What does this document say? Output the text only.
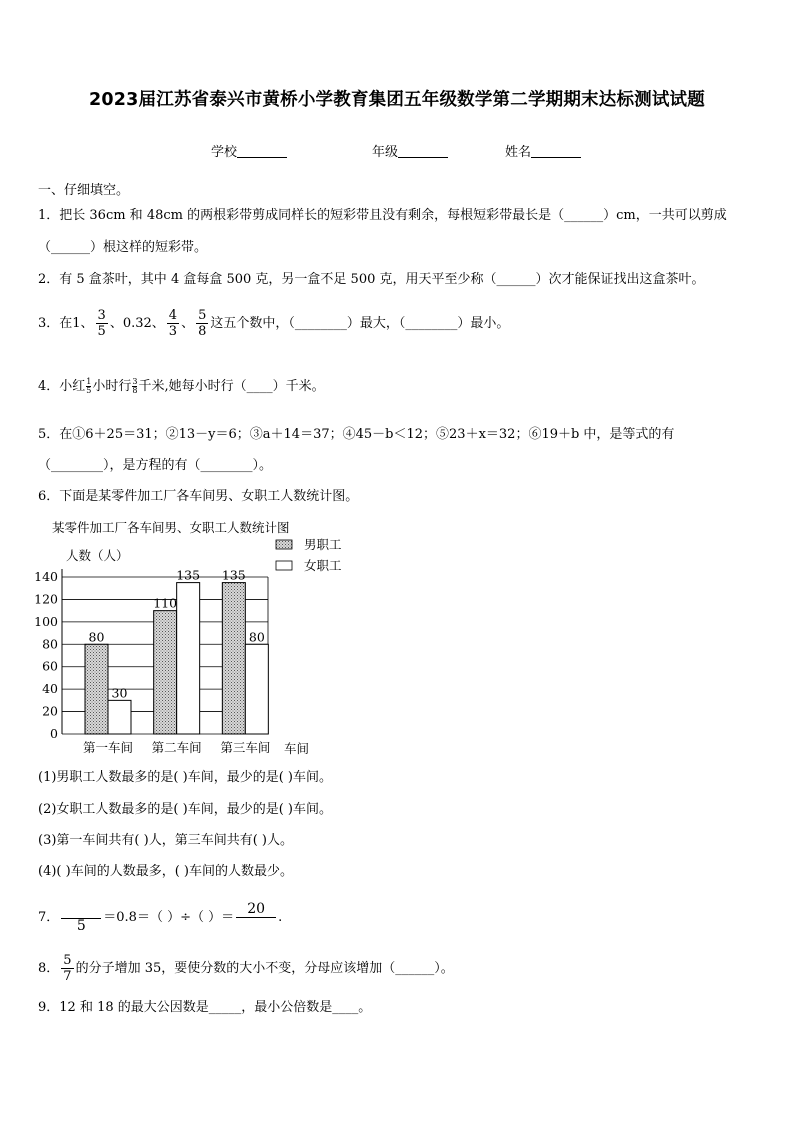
2023届江苏省泰兴市黄桥小学教育集团五年级数学第二学期期末达标测试试题
学校	年级	姓名
一、仔细填空。
1．把长 36cm 和 48cm 的两根彩带剪成同样长的短彩带且没有剩余，每根短彩带最长是（______）cm，一共可以剪成
（______）根这样的短彩带。
2．有 5 盒茶叶，其中 4 盒每盒 500 克，另一盒不足 500 克，用天平至少称（______）次才能保证找出这盒茶叶。
3．在1、 $\frac{3}{5}$ 、0.32、 $\frac{4}{3}$ 、 $\frac{5}{8}$ 这五个数中，（________）最大，（________）最小。
4．小红 $\frac{1}{5}$ 小时行 $\frac{3}{8}$ 千米,她每小时行（____）千米。
5．在①6＋25＝31；②13－y＝6；③a＋14＝37；④45－b＜12；⑤23＋x＝32；⑥19＋b 中，是等式的有
（________），是方程的有（________）。
6．下面是某零件加工厂各车间男、女职工人数统计图。
某零件加工厂各车间男、女职工人数统计图
0
20
40
60
80
100
120
140
80
30
110
135 135
80
第一车间 第二车间 第三车间
人数（人）
车间
男职工
女职工
(1)男职工人数最多的是( )车间，最少的是( )车间。
(2)女职工人数最多的是( )车间，最少的是( )车间。
(3)第一车间共有( )人，第三车间共有( )人。
(4)( )车间的人数最多，( )车间的人数最少。
7．	5	＝0.8＝（ ）÷（ ）＝
20
.
8． $\frac{5}{7}$ 的分子增加 35，要使分数的大小不变，分母应该增加（______）。
9．12 和 18 的最大公因数是_____，最小公倍数是____。
